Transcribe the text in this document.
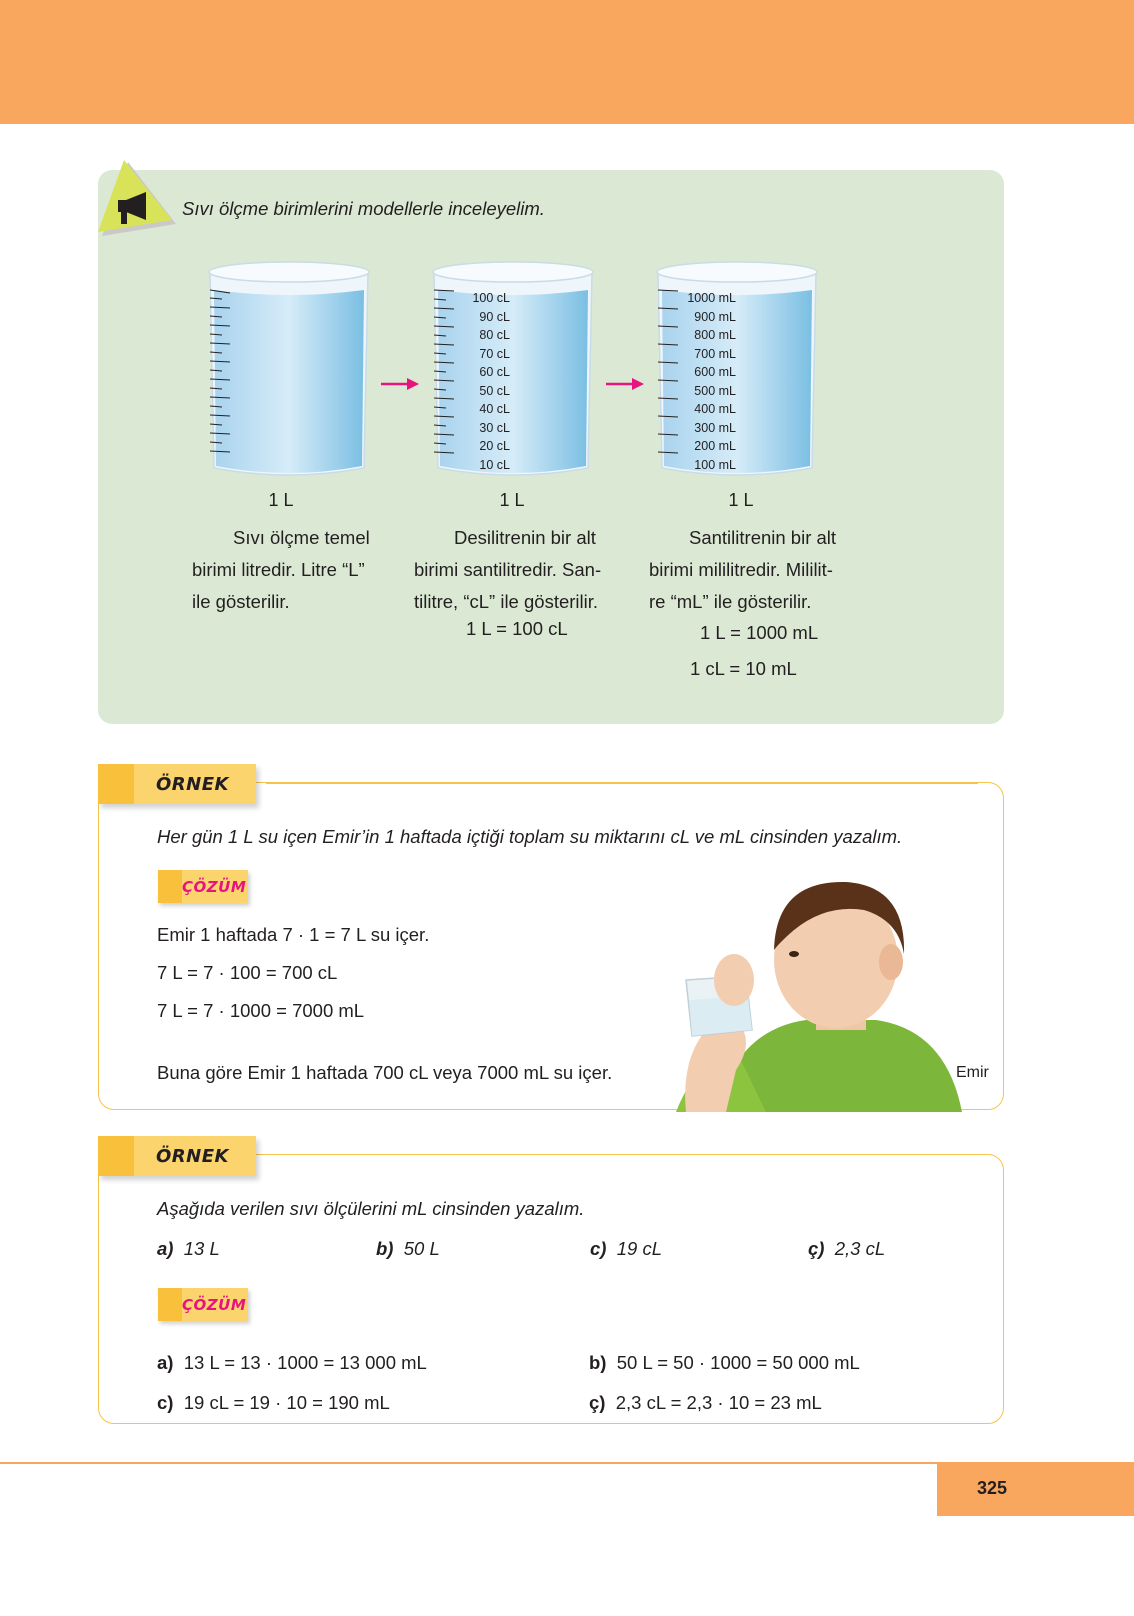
Sıvı ölçme birimlerini modellerle inceleyelim.
1 L
100 cL
90 cL
80 cL
70 cL
60 cL
50 cL
40 cL
30 cL
20 cL
10 cL
1 L
1000 mL
900 mL
800 mL
700 mL
600 mL
500 mL
400 mL
300 mL
200 mL
100 mL
1 L

Sıvı ölçme temel

birimi litredir. Litre “L”

ile gösterilir.

Desilitrenin bir alt

birimi santilitredir. San-

tilitre, “cL” ile gösterilir.

1 L = 100 cL

Santilitrenin bir alt

birimi mililitredir. Mililit-

re “mL” ile gösterilir.

1 L = 1000 mL
1 cL = 10 mL
ÖRNEK
Her gün 1 L su içen Emir’in 1 haftada içtiği toplam su miktarını cL ve mL cinsinden yazalım.
ÇÖZÜM
Emir 1 haftada 7 · 1 = 7 L su içer.
7 L = 7 · 100 = 700 cL
7 L = 7 · 1000 = 7000 mL
Buna göre Emir 1 haftada 700 cL veya 7000 mL su içer.	Emir
ÖRNEK
Aşağıda verilen sıvı ölçülerini mL cinsinden yazalım.
a) 13 L	b) 50 L	c) 19 cL	ç) 2,3 cL
ÇÖZÜM
a) 13 L = 13 · 1000 = 13 000 mL	b) 50 L = 50 · 1000 = 50 000 mL
c) 19 cL = 19 · 10 = 190 mL	ç) 2,3 cL = 2,3 · 10 = 23 mL
325
